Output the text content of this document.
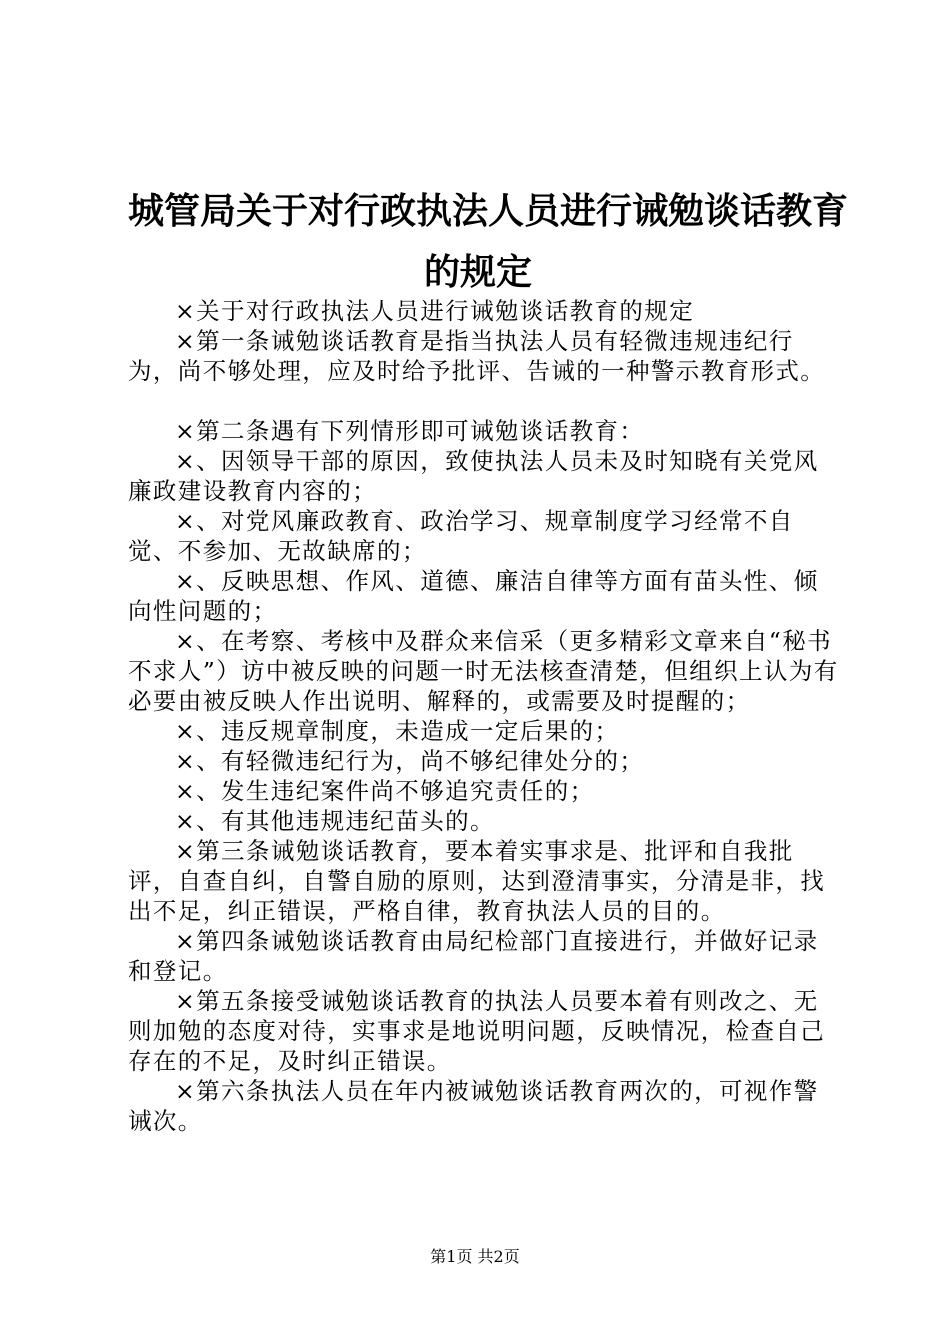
城管局关于对行政执法人员进行诫勉谈话教育
的规定

×关于对行政执法人员进行诫勉谈话教育的规定

×第一条诫勉谈话教育是指当执法人员有轻微违规违纪行为，尚不够处理，应及时给予批评、告诫的一种警示教育形式。

×第二条遇有下列情形即可诫勉谈话教育：

×、因领导干部的原因，致使执法人员未及时知晓有关党风廉政建设教育内容的；

×、对党风廉政教育、政治学习、规章制度学习经常不自觉、不参加、无故缺席的；

×、反映思想、作风、道德、廉洁自律等方面有苗头性、倾向性问题的；

×、在考察、考核中及群众来信采（更多精彩文章来自“秘书不求人”）访中被反映的问题一时无法核查清楚，但组织上认为有必要由被反映人作出说明、解释的，或需要及时提醒的；

×、违反规章制度，未造成一定后果的；

×、有轻微违纪行为，尚不够纪律处分的；

×、发生违纪案件尚不够追究责任的；

×、有其他违规违纪苗头的。

×第三条诫勉谈话教育，要本着实事求是、批评和自我批评，自查自纠，自警自励的原则，达到澄清事实，分清是非，找出不足，纠正错误，严格自律，教育执法人员的目的。

×第四条诫勉谈话教育由局纪检部门直接进行，并做好记录和登记。

×第五条接受诫勉谈话教育的执法人员要本着有则改之、无则加勉的态度对待，实事求是地说明问题，反映情况，检查自己存在的不足，及时纠正错误。

×第六条执法人员在年内被诫勉谈话教育两次的，可视作警诫次。

第1页 共2页
